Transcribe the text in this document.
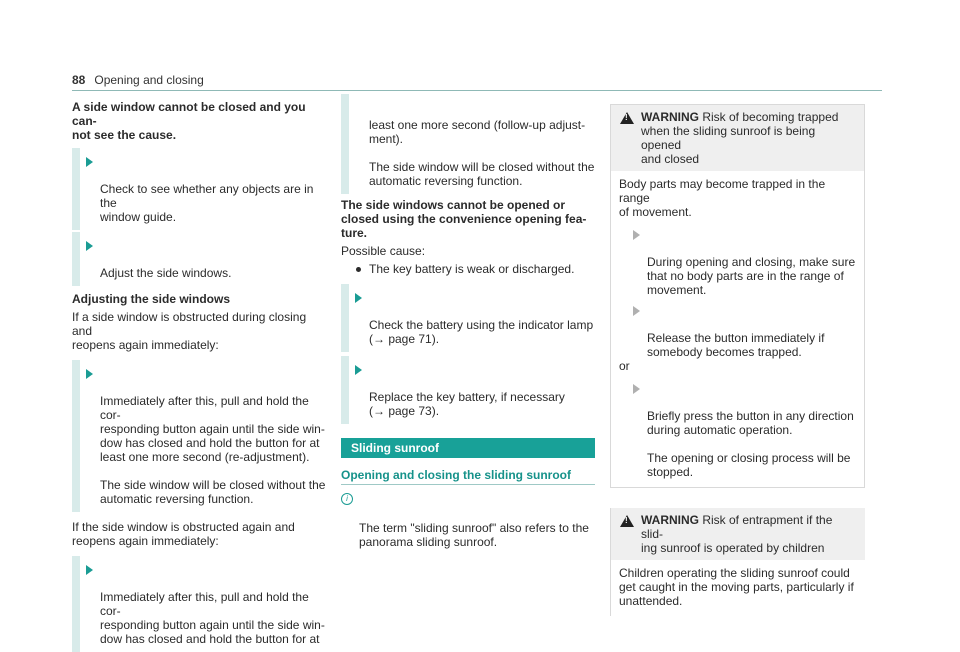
88 Opening and closing

A side window cannot be closed and you can-
not see the cause.

Check to see whether any objects are in the
window guide.

Adjust the side windows.

Adjusting the side windows

If a side window is obstructed during closing and
reopens again immediately:

Immediately after this, pull and hold the cor-
responding button again until the side win-
dow has closed and hold the button for at
least one more second (re-adjustment).

The side window will be closed without the
automatic reversing function.

If the side window is obstructed again and
reopens again immediately:

Immediately after this, pull and hold the cor-
responding button again until the side win-
dow has closed and hold the button for at

least one more second (follow-up adjust-
ment).

The side window will be closed without the
automatic reversing function.

The side windows cannot be opened or
closed using the convenience opening fea-
ture.

Possible cause:

The key battery is weak or discharged.

Check the battery using the indicator lamp
(→ page 71).

Replace the key battery, if necessary
(→ page 73).

Sliding sunroof
Opening and closing the sliding sunroof

i

The term "sliding sunroof" also refers to the
panorama sliding sunroof.

!
WARNING Risk of becoming trapped
when the sliding sunroof is being opened
and closed

Body parts may become trapped in the range
of movement.

During opening and closing, make sure
that no body parts are in the range of
movement.

Release the button immediately if
somebody becomes trapped.

or

Briefly press the button in any direction
during automatic operation.

The opening or closing process will be
stopped.

!
WARNING Risk of entrapment if the slid-
ing sunroof is operated by children

Children operating the sliding sunroof could
get caught in the moving parts, particularly if
unattended.
